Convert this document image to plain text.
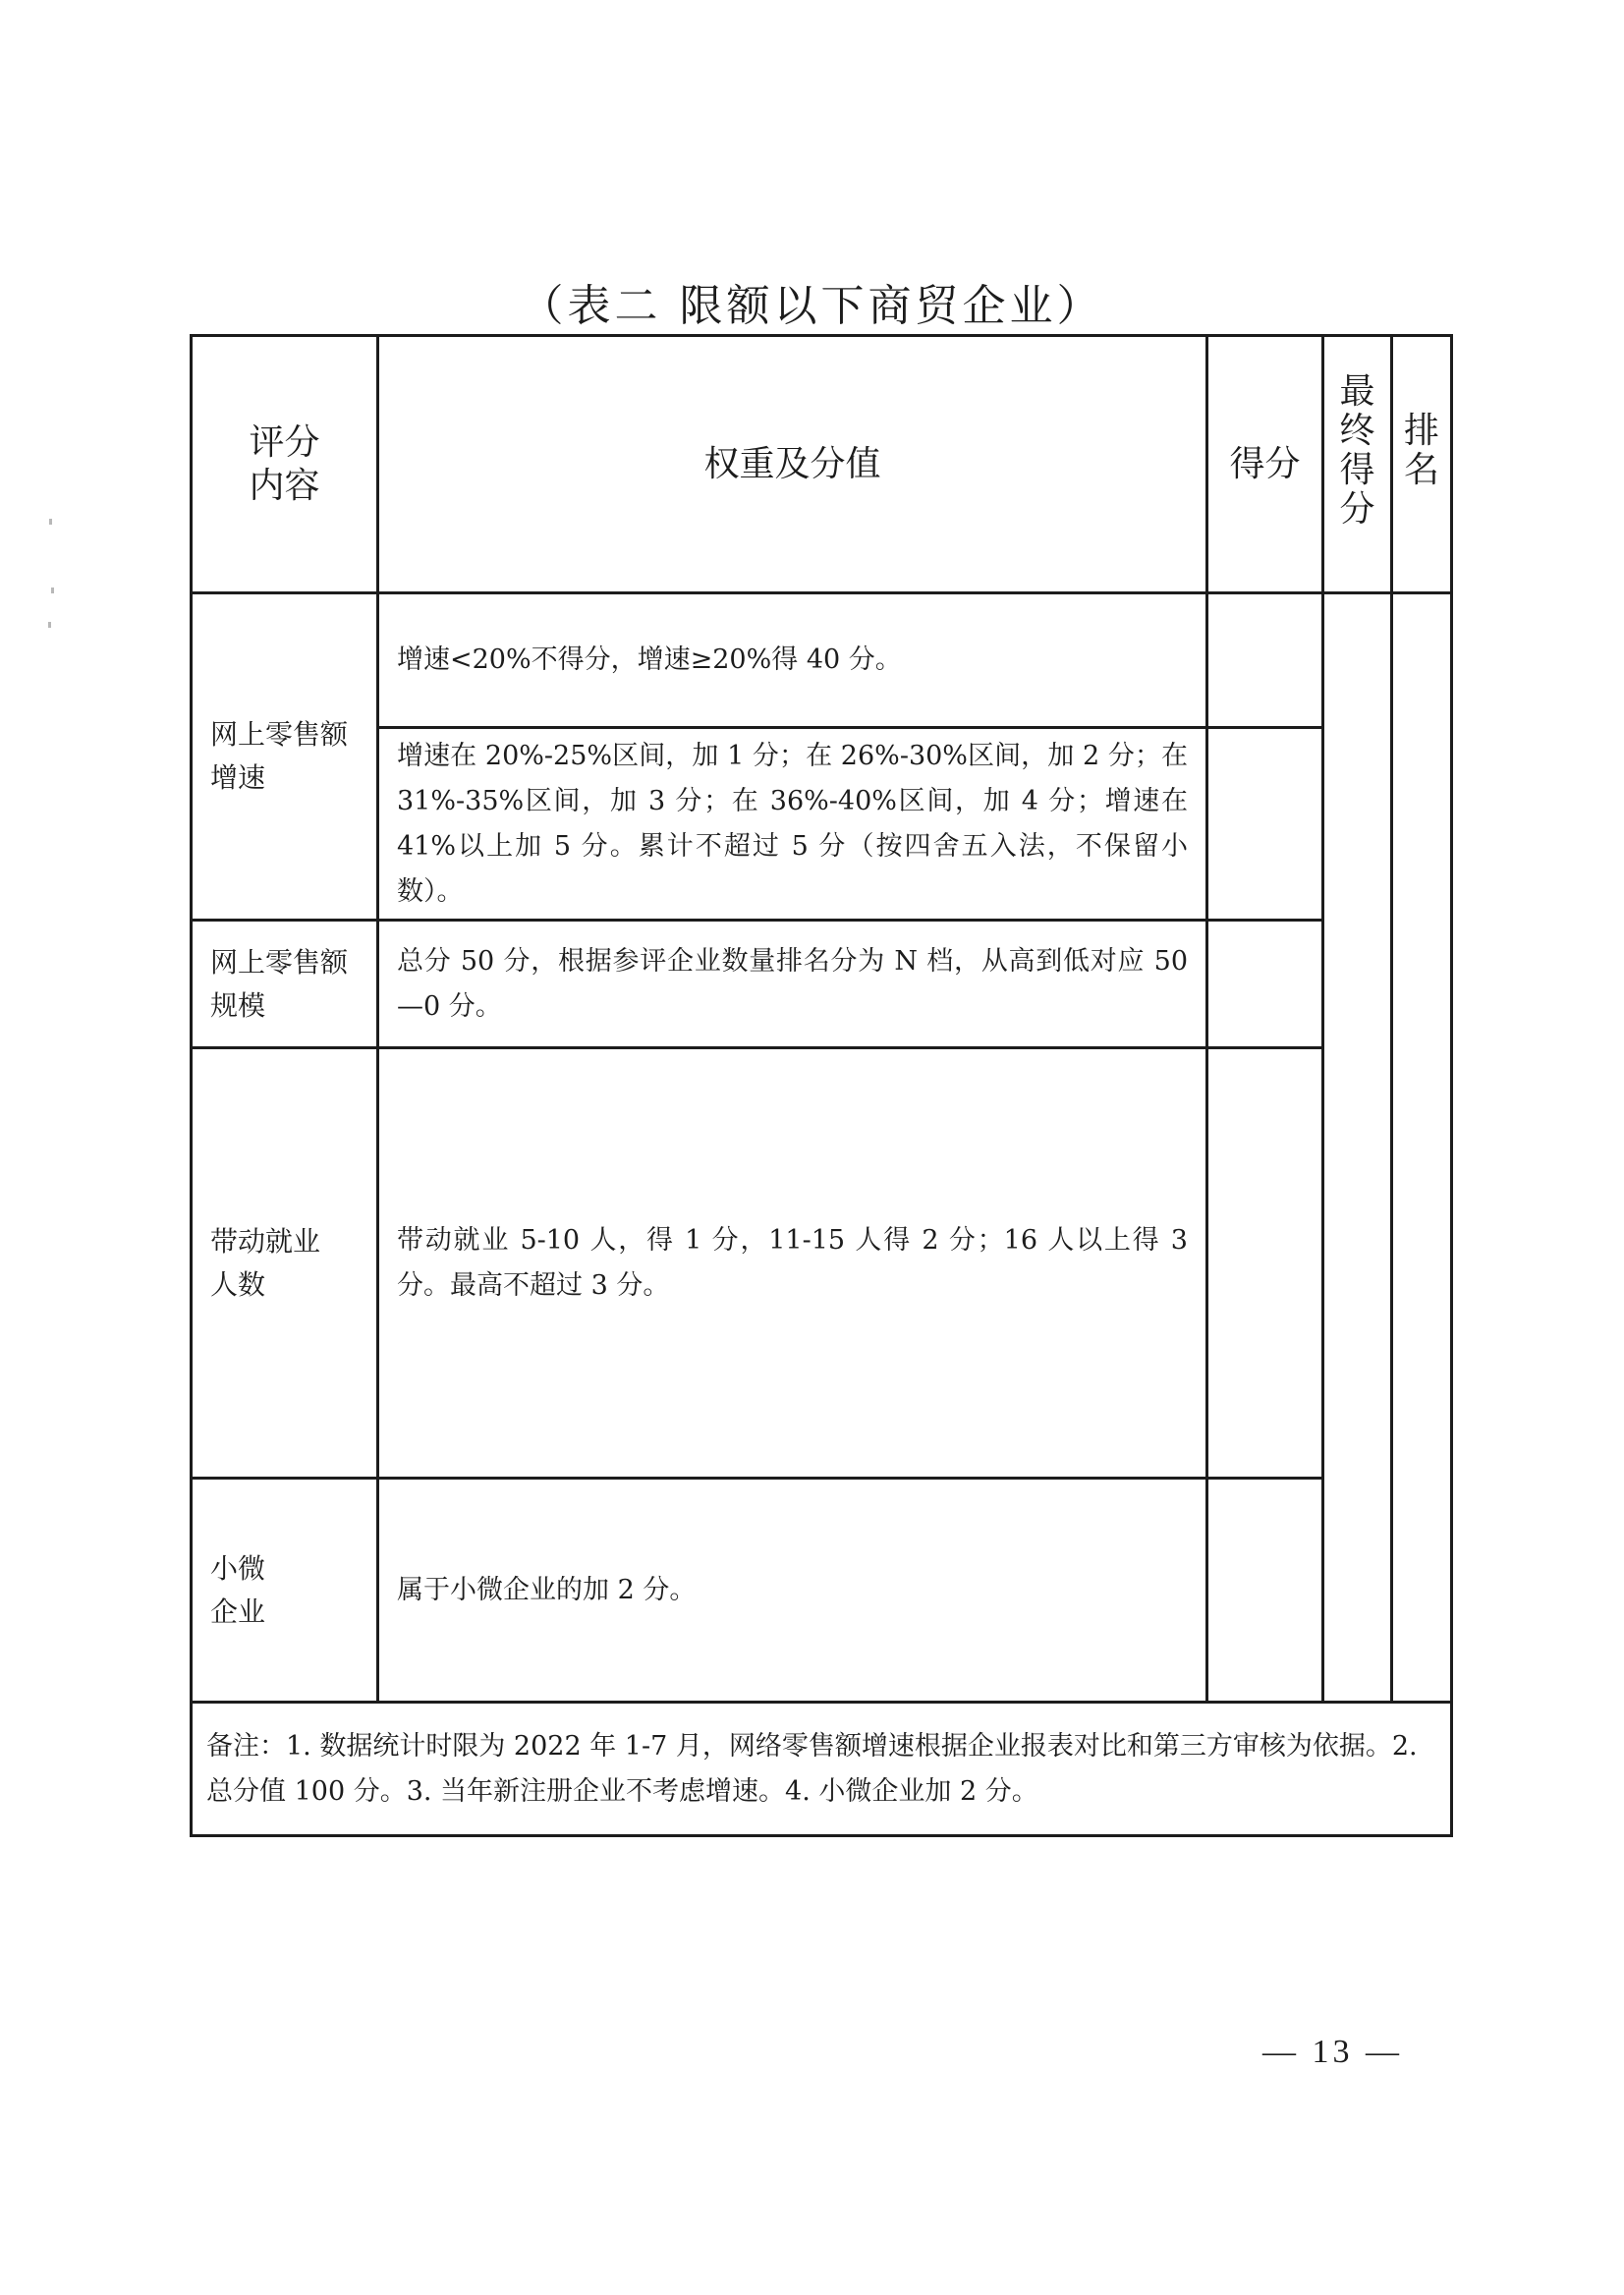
（表二 限额以下商贸企业）
评分
内容	权重及分值	得分	最终得分	排名

网上零售额
增速	增速<20%不得分，增速≥20%得 40 分。			
	增速在 20%-25%区间，加 1 分；在 26%-30%区间，加 2 分；在 31%-35%区间，加 3 分；在 36%-40%区间，加 4 分；增速在 41%以上加 5 分。累计不超过 5 分（按四舍五入法，不保留小数）。			
网上零售额
规模	总分 50 分，根据参评企业数量排名分为 N 档，从高到低对应 50—0 分。			
带动就业
人数	带动就业 5-10 人，得 1 分，11-15 人得 2 分；16 人以上得 3 分。最高不超过 3 分。			
小微
企业	属于小微企业的加 2 分。			
备注：1. 数据统计时限为 2022 年 1-7 月，网络零售额增速根据企业报表对比和第三方审核为依据。2. 总分值 100 分。3. 当年新注册企业不考虑增速。4. 小微企业加 2 分。				
— 13 —
